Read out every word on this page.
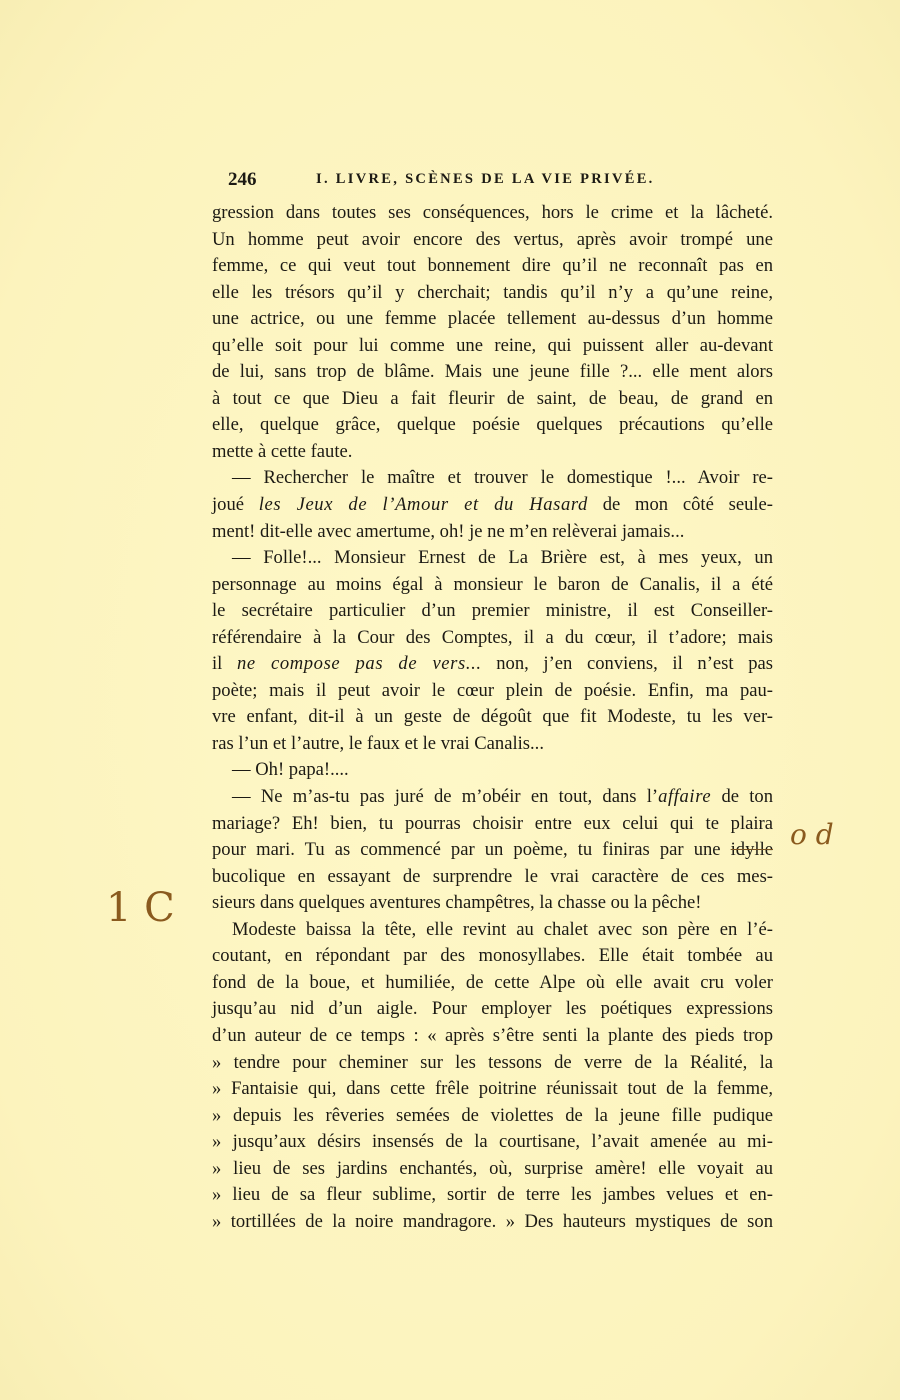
246	I. LIVRE, SCÈNES DE LA VIE PRIVÉE.
gression dans toutes ses conséquences, hors le crime et la lâcheté.
Un homme peut avoir encore des vertus, après avoir trompé une
femme, ce qui veut tout bonnement dire qu’il ne reconnaît pas en
elle les trésors qu’il y cherchait; tandis qu’il n’y a qu’une reine,
une actrice, ou une femme placée tellement au-dessus d’un homme
qu’elle soit pour lui comme une reine, qui puissent aller au-devant
de lui, sans trop de blâme. Mais une jeune fille ?... elle ment alors
à tout ce que Dieu a fait fleurir de saint, de beau, de grand en
elle, quelque grâce, quelque poésie quelques précautions qu’elle
mette à cette faute.
— Rechercher le maître et trouver le domestique !... Avoir re-
joué les Jeux de l’Amour et du Hasard de mon côté seule-
ment! dit-elle avec amertume, oh! je ne m’en relèverai jamais...
— Folle!... Monsieur Ernest de La Brière est, à mes yeux, un
personnage au moins égal à monsieur le baron de Canalis, il a été
le secrétaire particulier d’un premier ministre, il est Conseiller-
référendaire à la Cour des Comptes, il a du cœur, il t’adore; mais
il ne compose pas de vers... non, j’en conviens, il n’est pas
poète; mais il peut avoir le cœur plein de poésie. Enfin, ma pau-
vre enfant, dit-il à un geste de dégoût que fit Modeste, tu les ver-
ras l’un et l’autre, le faux et le vrai Canalis...
— Oh! papa!....
— Ne m’as-tu pas juré de m’obéir en tout, dans l’affaire de ton
mariage? Eh! bien, tu pourras choisir entre eux celui qui te plaira
pour mari. Tu as commencé par un poème, tu finiras par une idylle
bucolique en essayant de surprendre le vrai caractère de ces mes-
sieurs dans quelques aventures champêtres, la chasse ou la pêche!
Modeste baissa la tête, elle revint au chalet avec son père en l’é-
coutant, en répondant par des monosyllabes. Elle était tombée au
fond de la boue, et humiliée, de cette Alpe où elle avait cru voler
jusqu’au nid d’un aigle. Pour employer les poétiques expressions
d’un auteur de ce temps : « après s’être senti la plante des pieds trop
» tendre pour cheminer sur les tessons de verre de la Réalité, la
» Fantaisie qui, dans cette frêle poitrine réunissait tout de la femme,
» depuis les rêveries semées de violettes de la jeune fille pudique
» jusqu’aux désirs insensés de la courtisane, l’avait amenée au mi-
» lieu de ses jardins enchantés, où, surprise amère! elle voyait au
» lieu de sa fleur sublime, sortir de terre les jambes velues et en-
» tortillées de la noire mandragore. » Des hauteurs mystiques de son
o d
1 C
